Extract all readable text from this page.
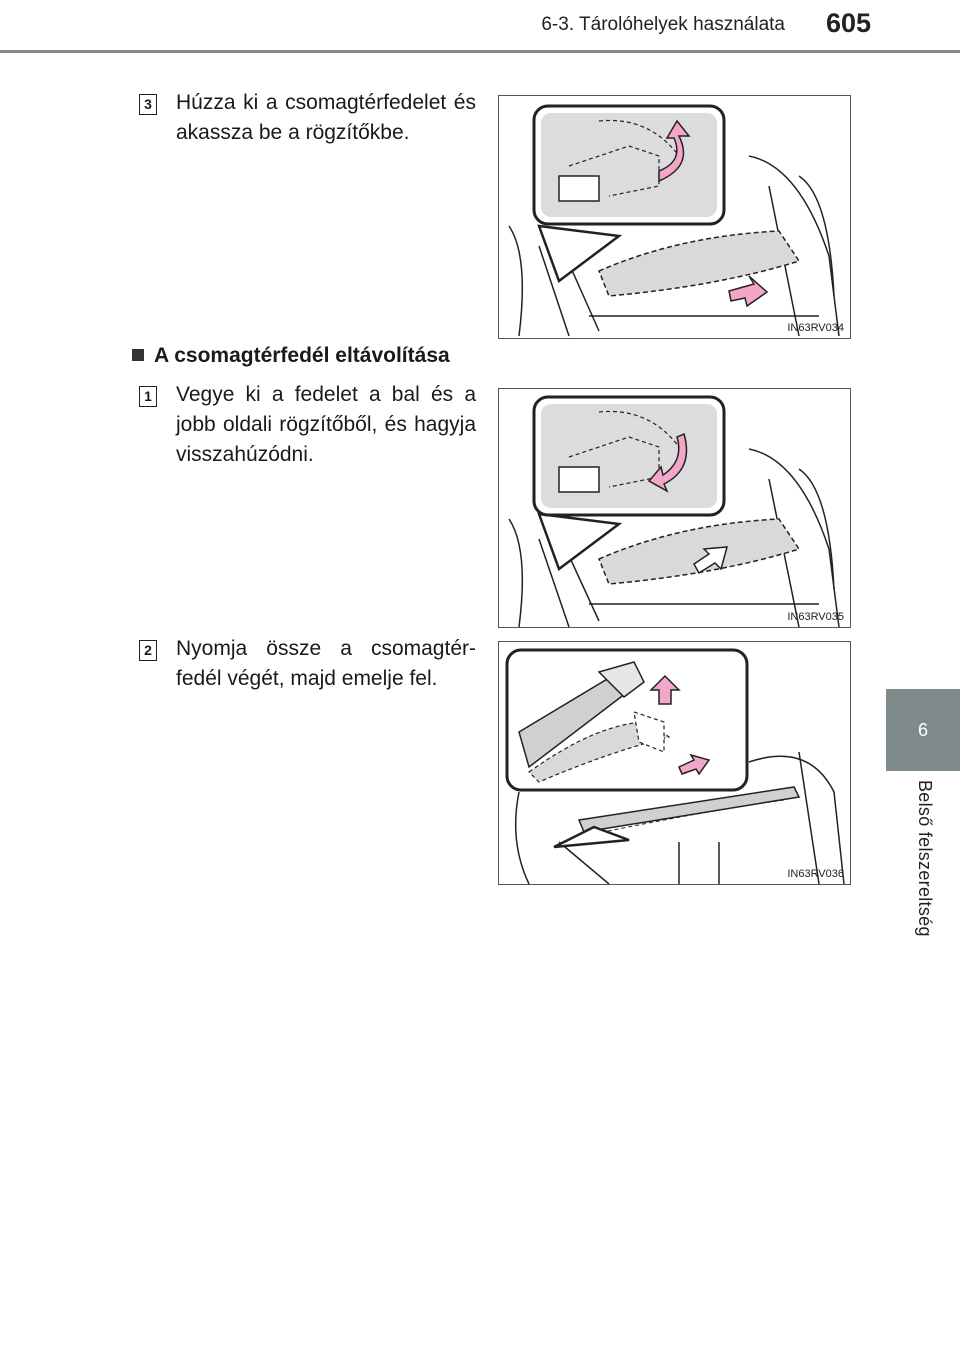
6-3. Tárolóhelyek használata 605
6
Belső felszereltség
3 Húzza ki a csomagtérfedelet és akassza be a rögzítőkbe.
IN63RV034
A csomagtérfedél eltávolítása
1 Vegye ki a fedelet a bal és a jobb oldali rögzítőből, és hagyja visszahúzódni.
IN63RV035
2 Nyomja össze a csomagtér-fedél végét, majd emelje fel.
IN63RV036
